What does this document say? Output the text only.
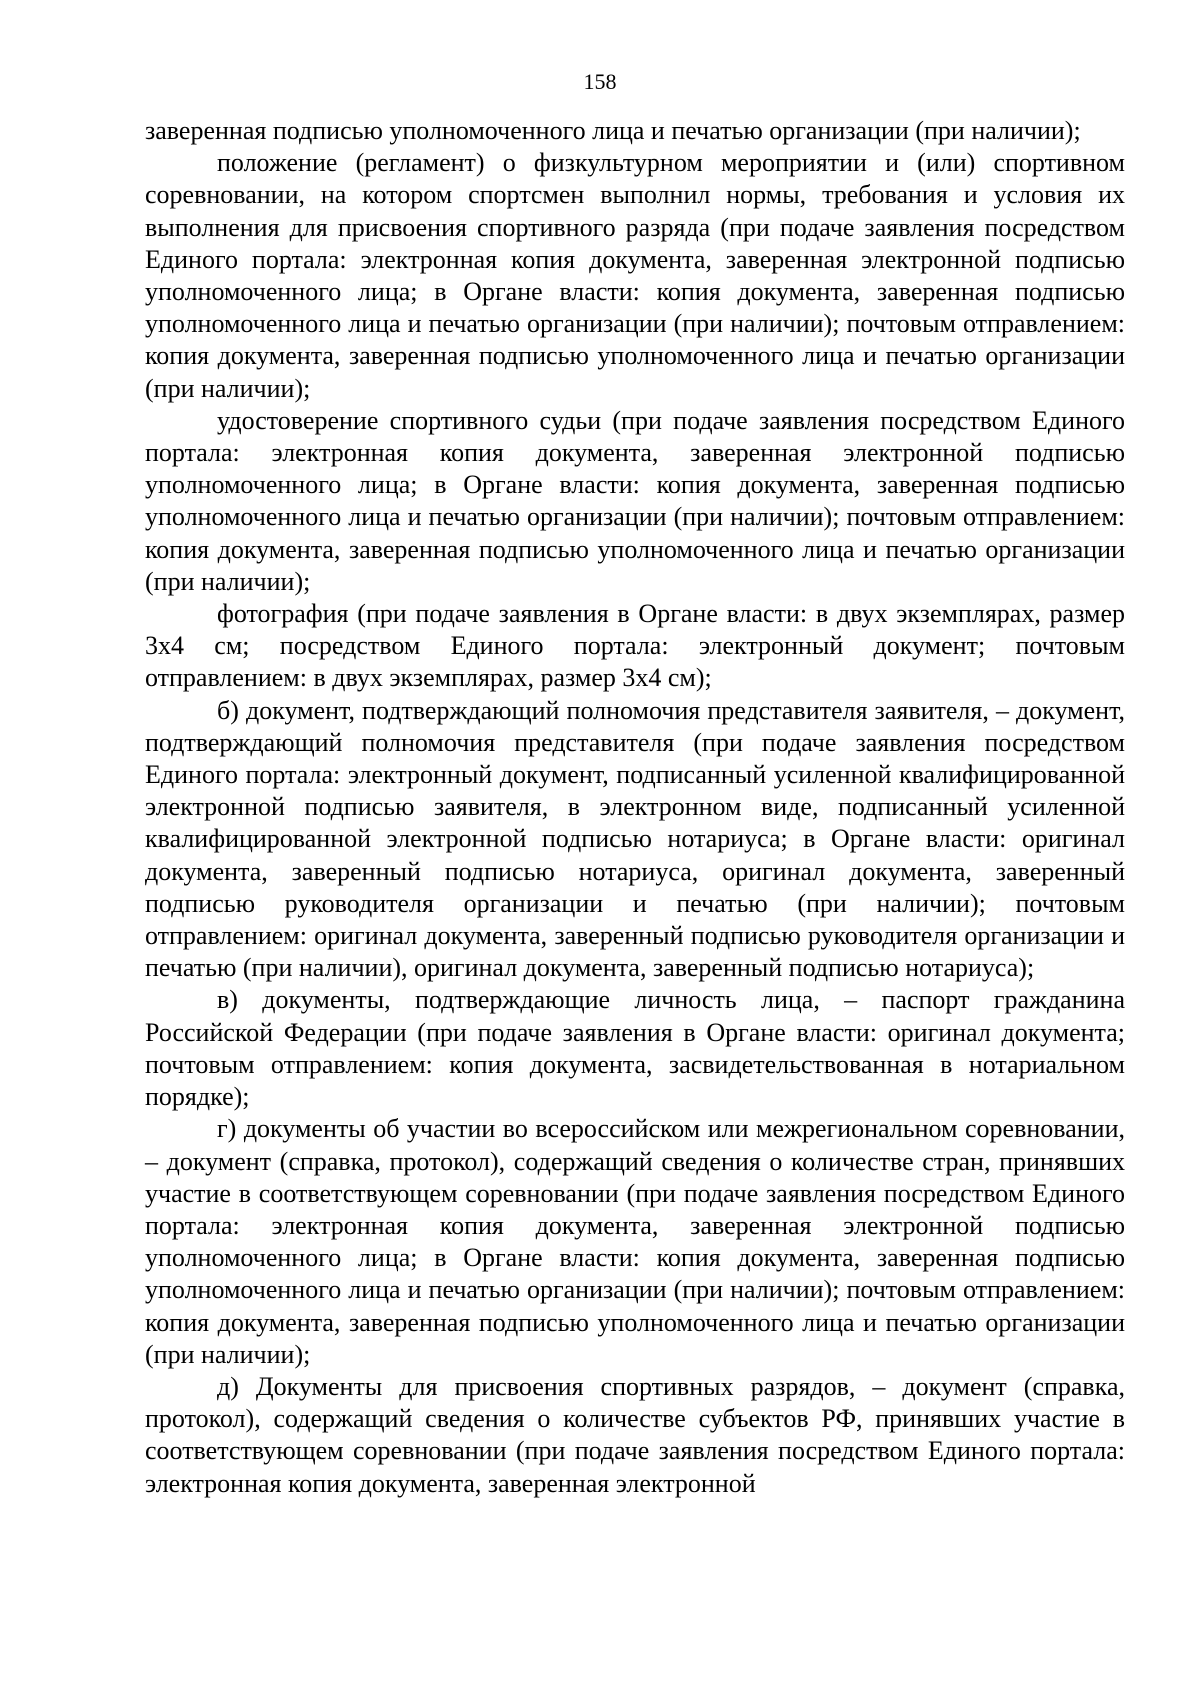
158

заверенная подписью уполномоченного лица и печатью организации (при наличии);

положение (регламент) о физкультурном мероприятии и (или) спортивном соревновании, на котором спортсмен выполнил нормы, требования и условия их выполнения для присвоения спортивного разряда (при подаче заявления посредством Единого портала: электронная копия документа, заверенная электронной подписью уполномоченного лица; в Органе власти: копия документа, заверенная подписью уполномоченного лица и печатью организации (при наличии); почтовым отправлением: копия документа, заверенная подписью уполномоченного лица и печатью организации (при наличии);

удостоверение спортивного судьи (при подаче заявления посредством Единого портала: электронная копия документа, заверенная электронной подписью уполномоченного лица; в Органе власти: копия документа, заверенная подписью уполномоченного лица и печатью организации (при наличии); почтовым отправлением: копия документа, заверенная подписью уполномоченного лица и печатью организации (при наличии);

фотография (при подаче заявления в Органе власти: в двух экземплярах, размер 3х4 см; посредством Единого портала: электронный документ; почтовым отправлением: в двух экземплярах, размер 3х4 см);

б) документ, подтверждающий полномочия представителя заявителя, – документ, подтверждающий полномочия представителя (при подаче заявления посредством Единого портала: электронный документ, подписанный усиленной квалифицированной электронной подписью заявителя, в электронном виде, подписанный усиленной квалифицированной электронной подписью нотариуса; в Органе власти: оригинал документа, заверенный подписью нотариуса, оригинал документа, заверенный подписью руководителя организации и печатью (при наличии); почтовым отправлением: оригинал документа, заверенный подписью руководителя организации и печатью (при наличии), оригинал документа, заверенный подписью нотариуса);

в) документы, подтверждающие личность лица, – паспорт гражданина Российской Федерации (при подаче заявления в Органе власти: оригинал документа; почтовым отправлением: копия документа, засвидетельствованная в нотариальном порядке);

г) документы об участии во всероссийском или межрегиональном соревновании, – документ (справка, протокол), содержащий сведения о количестве стран, принявших участие в соответствующем соревновании (при подаче заявления посредством Единого портала: электронная копия документа, заверенная электронной подписью уполномоченного лица; в Органе власти: копия документа, заверенная подписью уполномоченного лица и печатью организации (при наличии); почтовым отправлением: копия документа, заверенная подписью уполномоченного лица и печатью организации (при наличии);

д) Документы для присвоения спортивных разрядов, – документ (справка, протокол), содержащий сведения о количестве субъектов РФ, принявших участие в соответствующем соревновании (при подаче заявления посредством Единого портала: электронная копия документа, заверенная электронной
